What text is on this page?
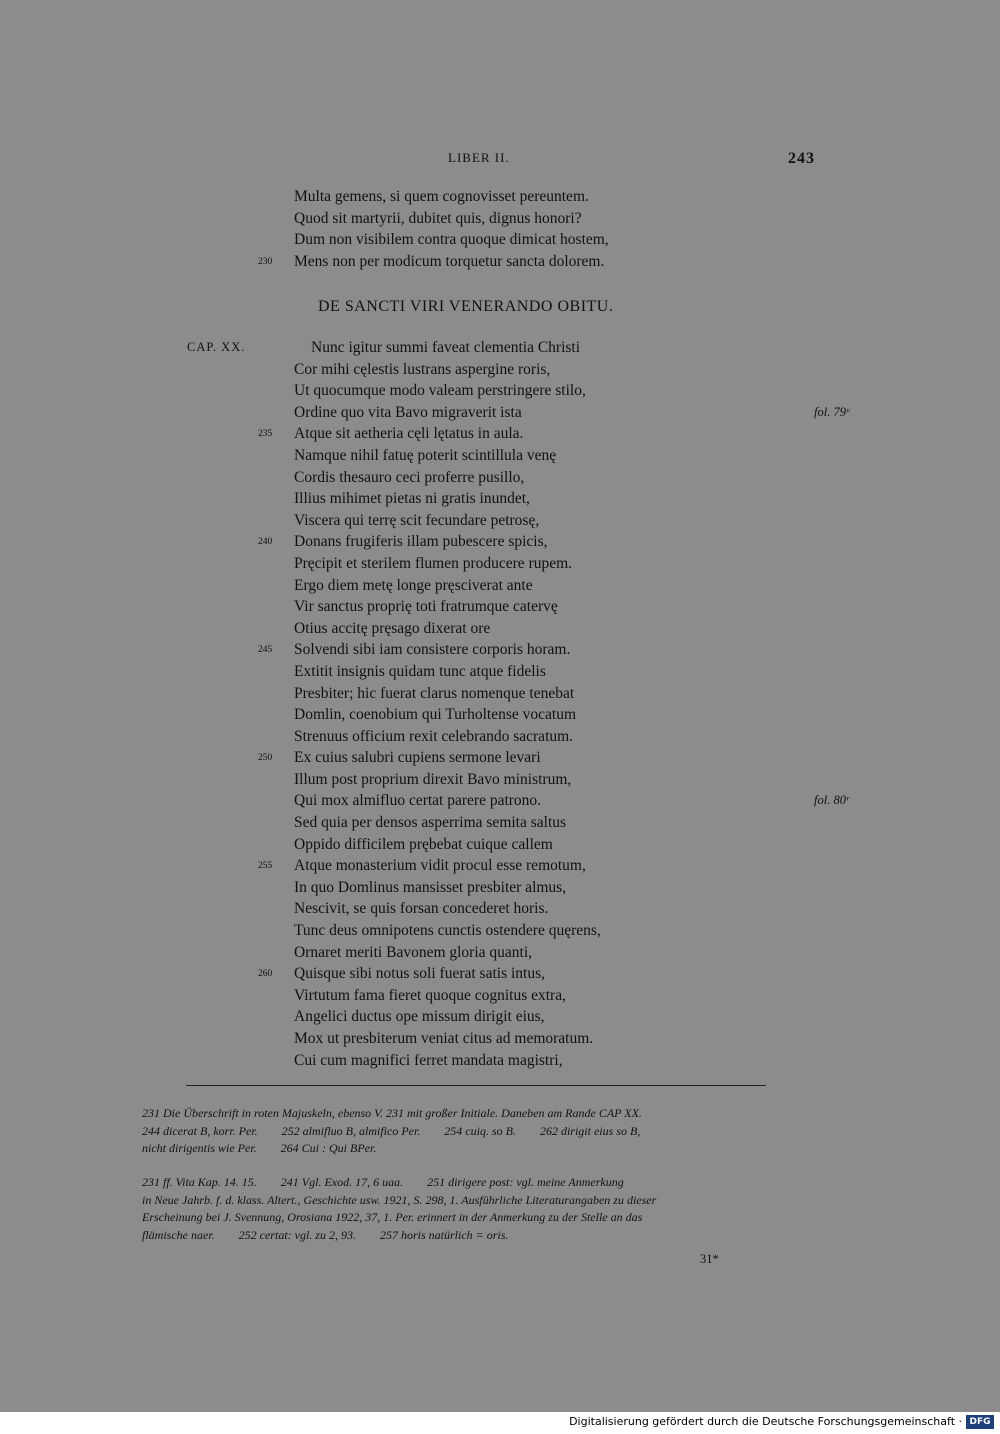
LIBER II.	243
Multa gemens, si quem cognovisset pereuntem.
Quod sit martyrii, dubitet quis, dignus honori?
Dum non visibilem contra quoque dimicat hostem,
230 Mens non per modicum torquetur sancta dolorem.
DE SANCTI VIRI VENERANDO OBITU.
CAP. XX.	Nunc igitur summi faveat clementia Christi
Cor mihi cęlestis lustrans aspergine roris,
Ut quocumque modo valeam perstringere stilo,
Ordine quo vita Bavo migraverit ista	fol. 79ᵛ
235 Atque sit aetheria cęli lętatus in aula.
Namque nihil fatuę poterit scintillula venę
Cordis thesauro ceci proferre pusillo,
Illius mihimet pietas ni gratis inundet,
Viscera qui terrę scit fecundare petrosę,
240 Donans frugiferis illam pubescere spicis,
Pręcipit et sterilem flumen producere rupem.
Ergo diem metę longe pręsciverat ante
Vir sanctus proprię toti fratrumque catervę
Otius accitę pręsago dixerat ore
245 Solvendi sibi iam consistere corporis horam.
Extitit insignis quidam tunc atque fidelis
Presbiter; hic fuerat clarus nomenque tenebat
Domlin, coenobium qui Turholtense vocatum
Strenuus officium rexit celebrando sacratum.
250 Ex cuius salubri cupiens sermone levari
Illum post proprium direxit Bavo ministrum,
Qui mox almifluo certat parere patrono.	fol. 80ʳ
Sed quia per densos asperrima semita saltus
Oppido difficilem prębebat cuique callem
255 Atque monasterium vidit procul esse remotum,
In quo Domlinus mansisset presbiter almus,
Nescivit, se quis forsan concederet horis.
Tunc deus omnipotens cunctis ostendere quęrens,
Ornaret meriti Bavonem gloria quanti,
260 Quisque sibi notus soli fuerat satis intus,
Virtutum fama fieret quoque cognitus extra,
Angelici ductus ope missum dirigit eius,
Mox ut presbiterum veniat citus ad memoratum.
Cui cum magnifici ferret mandata magistri,
231 Die Überschrift in roten Majuskeln, ebenso V. 231 mit großer Initiale. Daneben am Rande CAP XX.
244 dicerat B, korr. Per.        252 almifluo B, almifico Per.        254 cuiq. so B.        262 dirigit eius so B,
nicht dirigentis wie Per.        264 Cui : Qui BPer.
231 ff. Vita Kap. 14. 15.        241 Vgl. Exod. 17, 6 uaa.        251 dirigere post: vgl. meine Anmerkung
in Neue Jahrb. f. d. klass. Altert., Geschichte usw. 1921, S. 298, 1. Ausführliche Literaturangaben zu dieser
Erscheinung bei J. Svennung, Orosiana 1922, 37, 1. Per. erinnert in der Anmerkung zu der Stelle an das
flämische naer.        252 certat: vgl. zu 2, 93.        257 horis natürlich = oris.
31*
Digitalisierung gefördert durch die Deutsche Forschungsgemeinschaft · DFG
